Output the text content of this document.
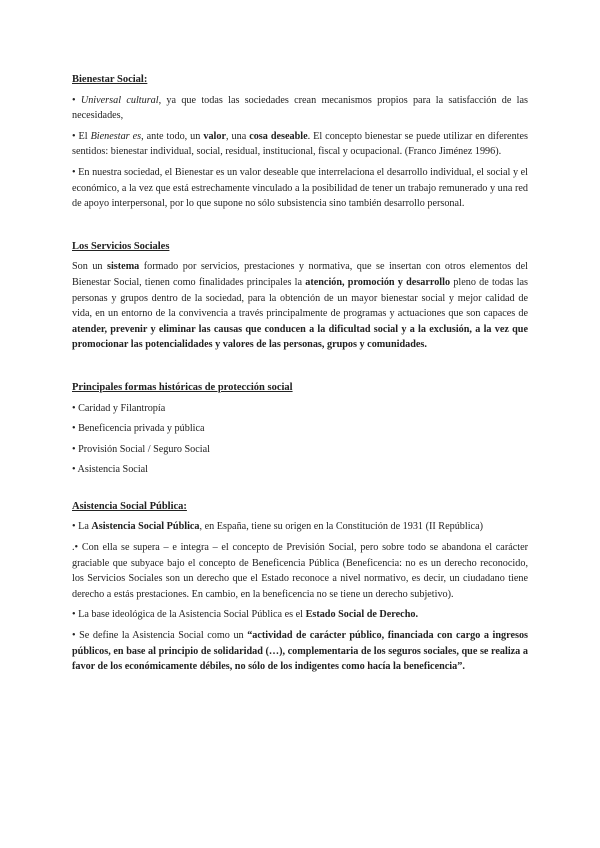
Bienestar Social:

• Universal cultural, ya que todas las sociedades crean mecanismos propios para la satisfacción de las necesidades,

• El Bienestar es, ante todo, un valor, una cosa deseable. El concepto bienestar se puede utilizar en diferentes sentidos: bienestar individual, social, residual, institucional, fiscal y ocupacional. (Franco Jiménez 1996).

• En nuestra sociedad, el Bienestar es un valor deseable que interrelaciona el desarrollo individual, el social y el económico, a la vez que está estrechamente vinculado a la posibilidad de tener un trabajo remunerado y una red de apoyo interpersonal, por lo que supone no sólo subsistencia sino también desarrollo personal.

Los Servicios Sociales

Son un sistema formado por servicios, prestaciones y normativa, que se insertan con otros elementos del Bienestar Social, tienen como finalidades principales la atención, promoción y desarrollo pleno de todas las personas y grupos dentro de la sociedad, para la obtención de un mayor bienestar social y mejor calidad de vida, en un entorno de la convivencia a través principalmente de programas y actuaciones que son capaces de atender, prevenir y eliminar las causas que conducen a la dificultad social y a la exclusión, a la vez que promocionar las potencialidades y valores de las personas, grupos y comunidades.

Principales formas históricas de protección social

• Caridad y Filantropía

• Beneficencia privada y pública

• Provisión Social / Seguro Social

• Asistencia Social

Asistencia Social Pública:

• La Asistencia Social Pública, en España, tiene su origen en la Constitución de 1931 (II República)

.• Con ella se supera – e integra – el concepto de Previsión Social, pero sobre todo se abandona el carácter graciable que subyace bajo el concepto de Beneficencia Pública (Beneficencia: no es un derecho reconocido, los Servicios Sociales son un derecho que el Estado reconoce a nivel normativo, es decir, un ciudadano tiene derecho a estás prestaciones. En cambio, en la beneficencia no se tiene un derecho subjetivo).

• La base ideológica de la Asistencia Social Pública es el Estado Social de Derecho.

• Se define la Asistencia Social como un “actividad de carácter público, financiada con cargo a ingresos públicos, en base al principio de solidaridad (…), complementaria de los seguros sociales, que se realiza a favor de los económicamente débiles, no sólo de los indigentes como hacía la beneficencia”.
